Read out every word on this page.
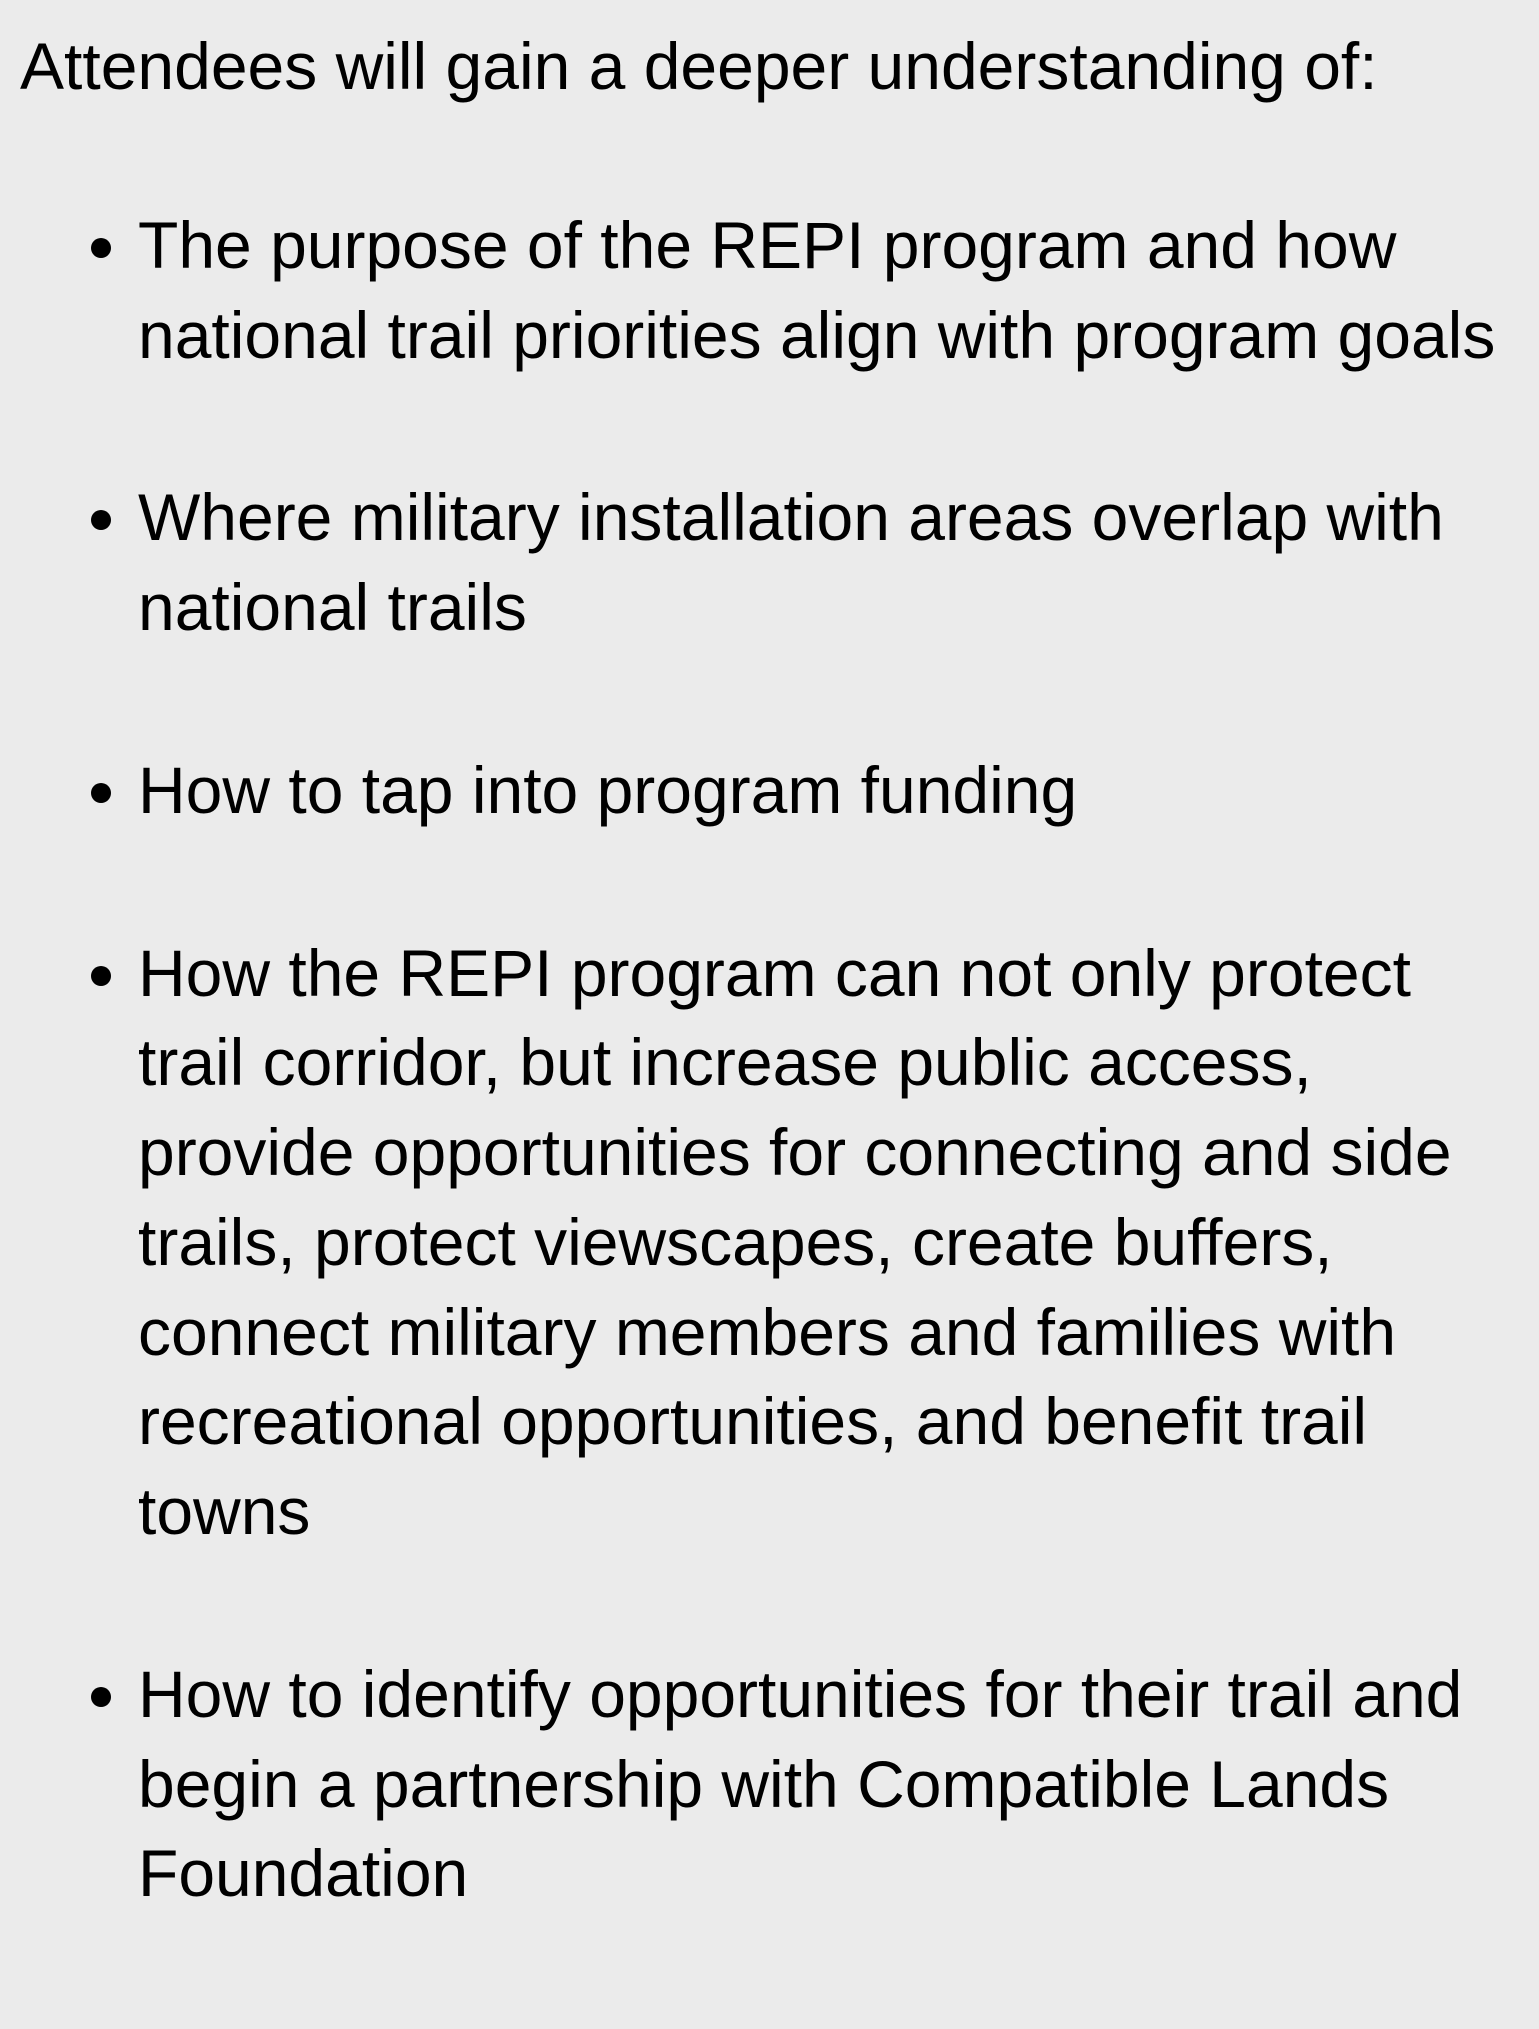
Attendees will gain a deeper understanding of:

• The purpose of the REPI program and how national trail priorities align with program goals
• Where military installation areas overlap with national trails
• How to tap into program funding
• How the REPI program can not only protect trail corridor, but increase public access, provide opportunities for connecting and side trails, protect viewscapes, create buffers, connect military members and families with recreational opportunities, and benefit trail towns
• How to identify opportunities for their trail and begin a partnership with Compatible Lands Foundation
